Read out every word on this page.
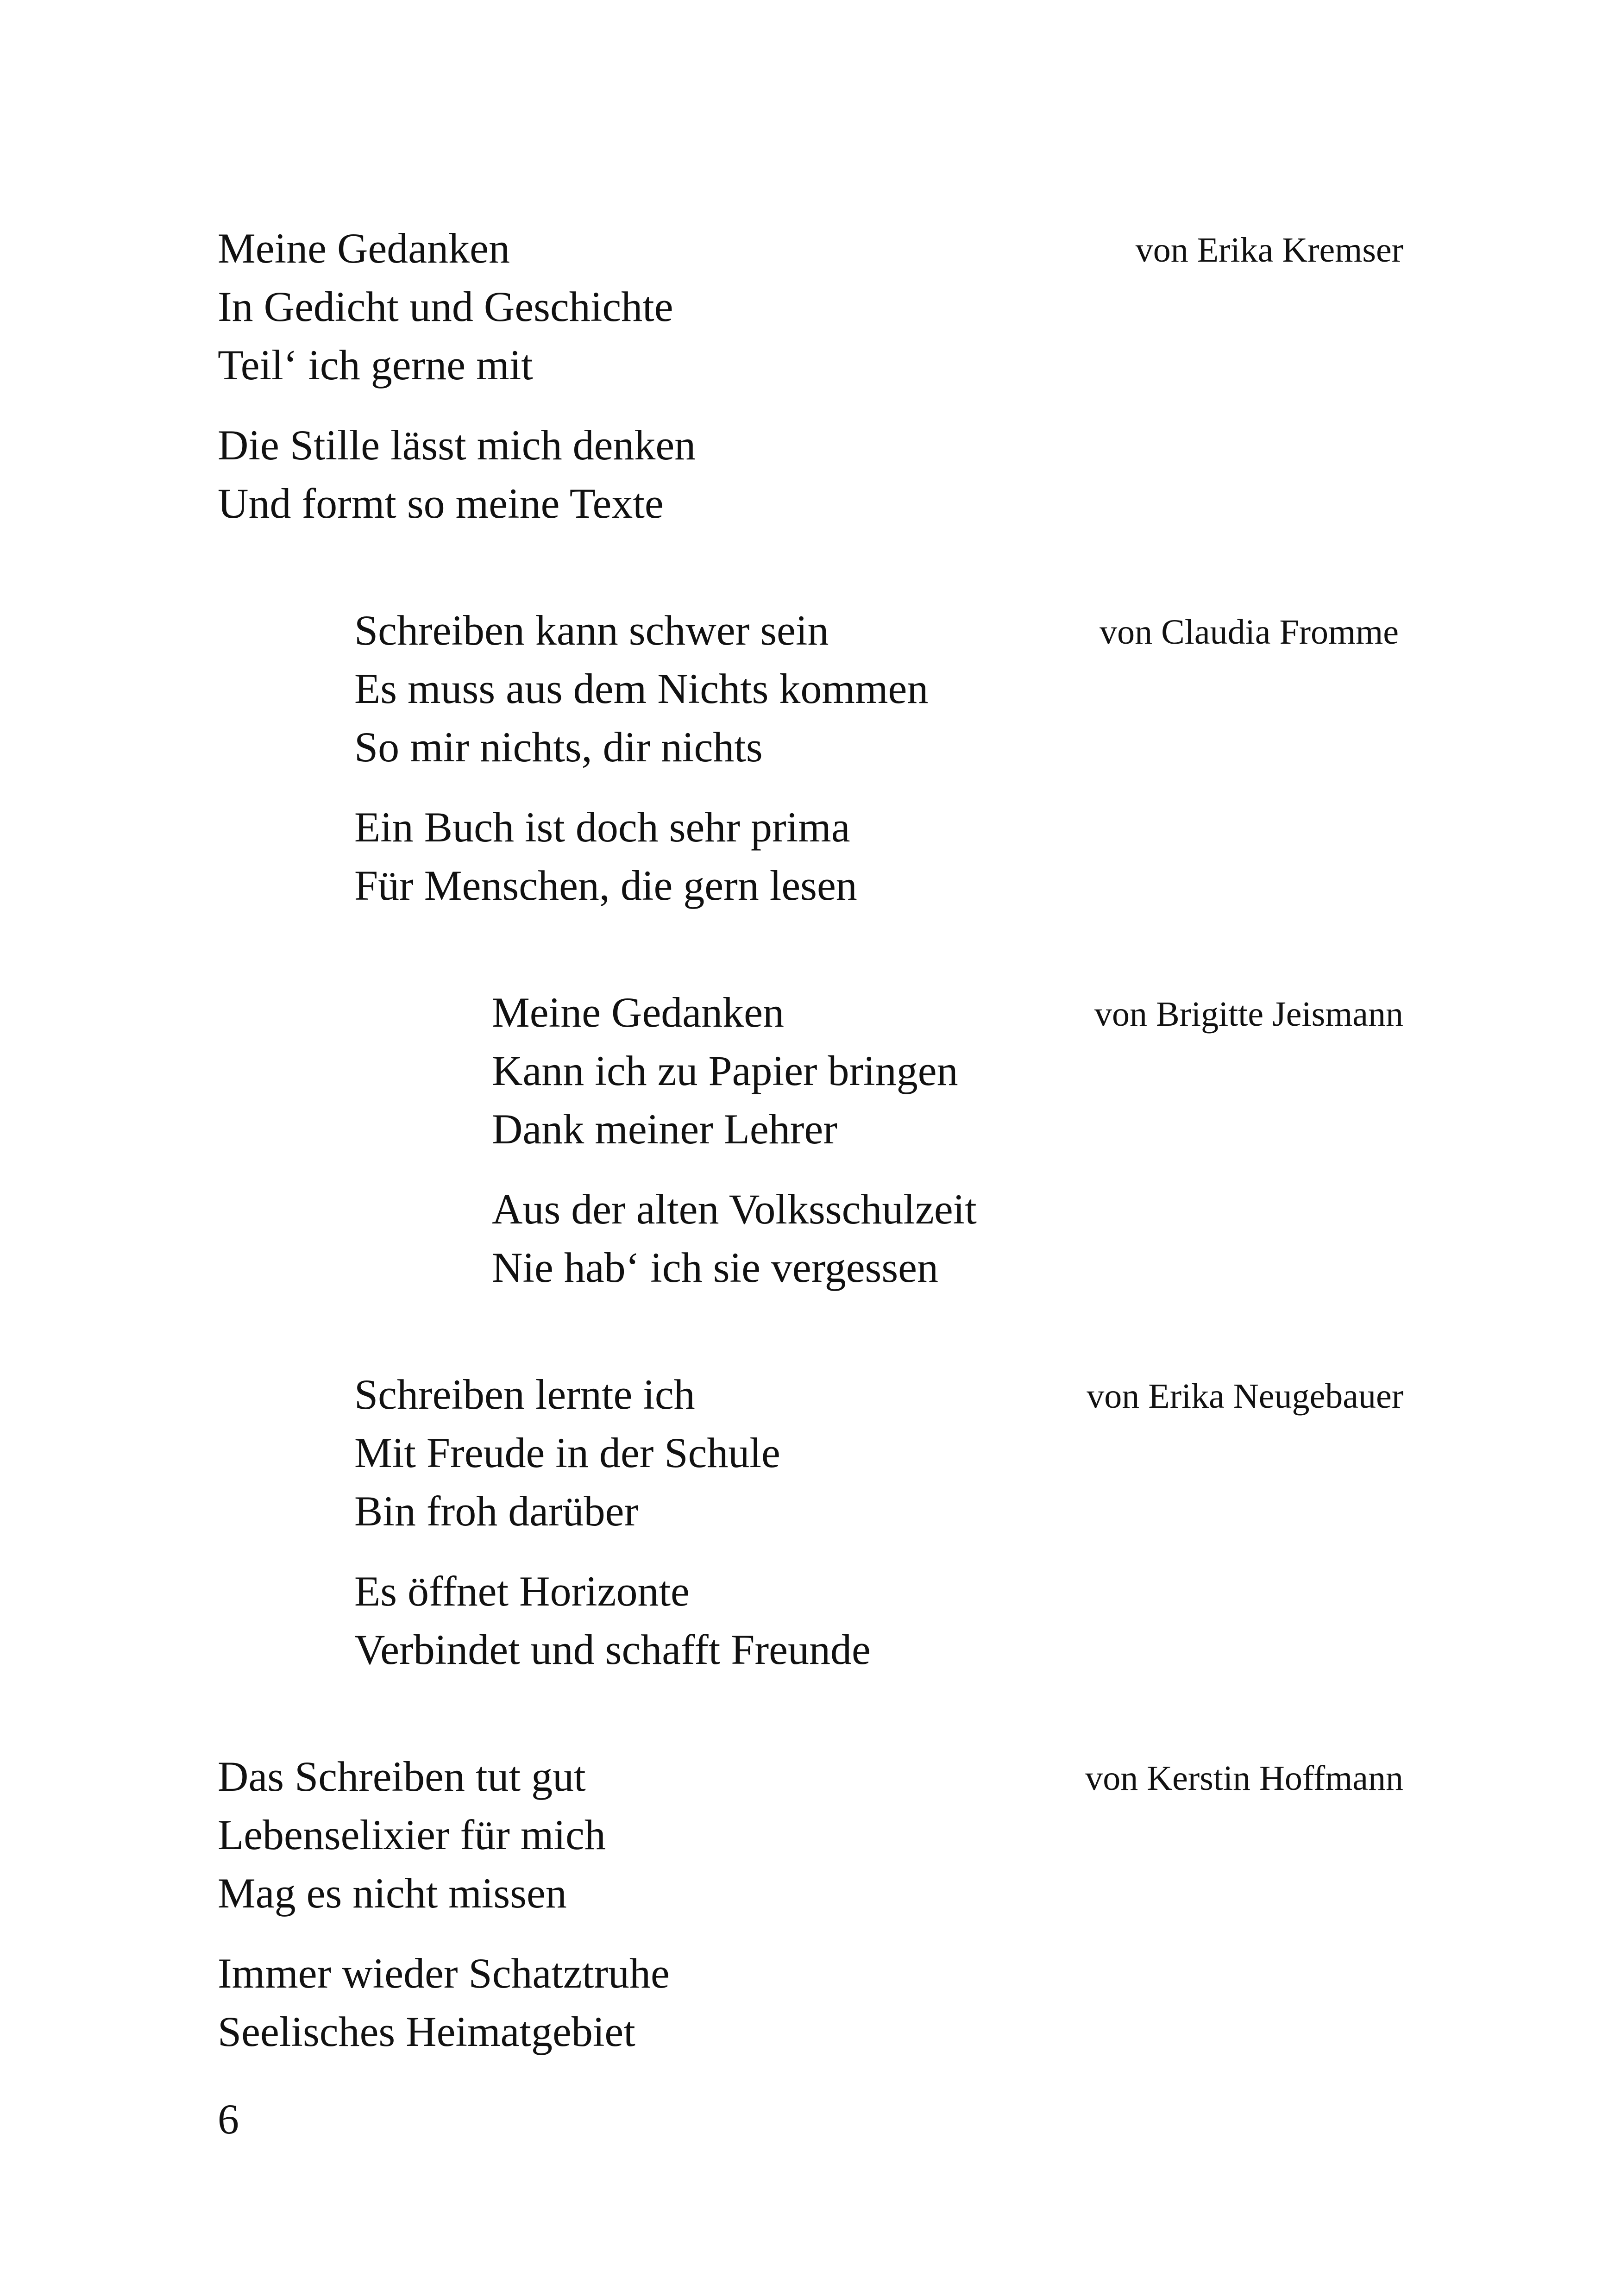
Meine Gedanken
In Gedicht und Geschichte
Teil‘ ich gerne mit
Die Stille lässt mich denken
Und formt so meine Texte
von Erika Kremser
Schreiben kann schwer sein
Es muss aus dem Nichts kommen
So mir nichts, dir nichts
Ein Buch ist doch sehr prima
Für Menschen, die gern lesen
von Claudia Fromme
Meine Gedanken
Kann ich zu Papier bringen
Dank meiner Lehrer
Aus der alten Volksschulzeit
Nie hab‘ ich sie vergessen
von Brigitte Jeismann
Schreiben lernte ich
Mit Freude in der Schule
Bin froh darüber
Es öffnet Horizonte
Verbindet und schafft Freunde
von Erika Neugebauer
Das Schreiben tut gut
Lebenselixier für mich
Mag es nicht missen
Immer wieder Schatztruhe
Seelisches Heimatgebiet
von Kerstin Hoffmann
6
